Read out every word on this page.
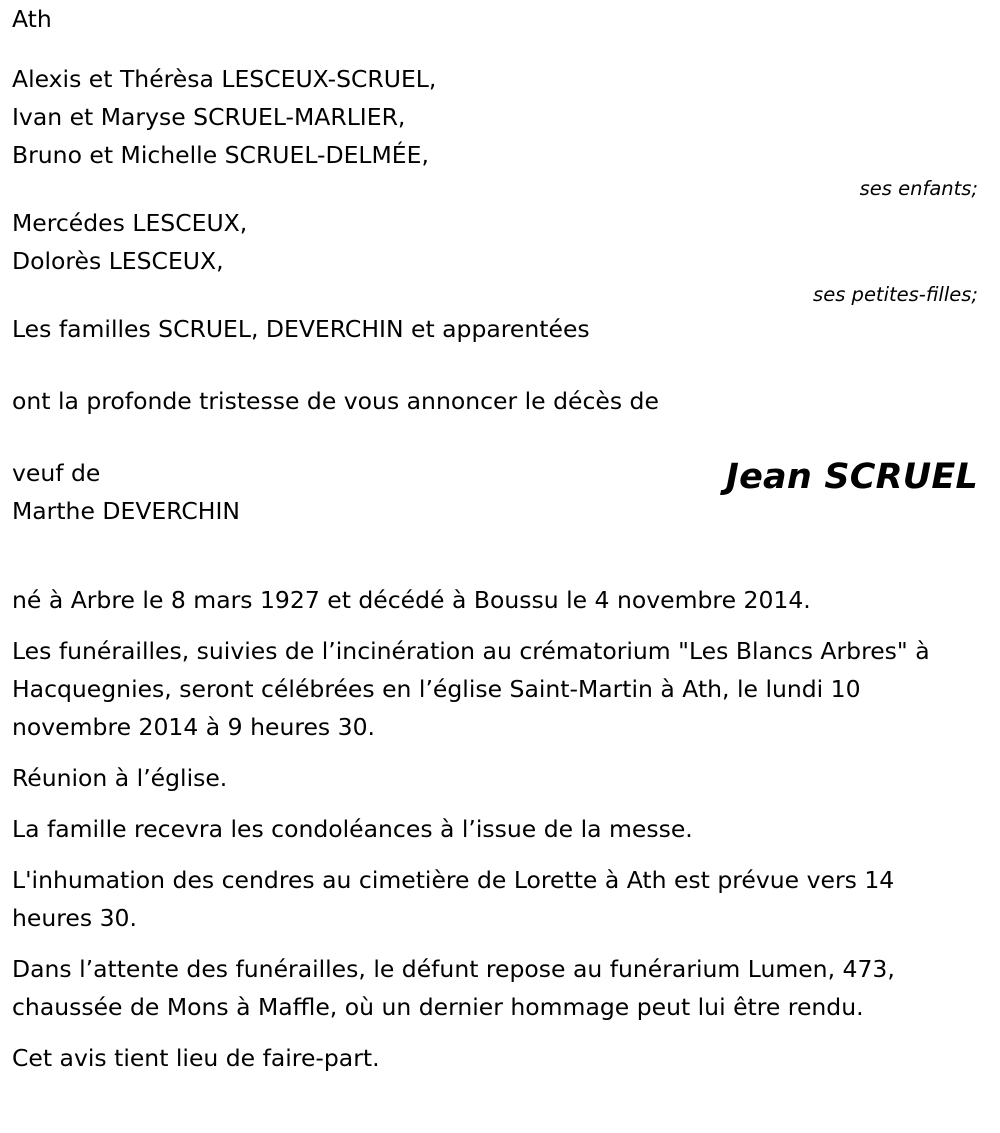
Ath
Alexis et Thérèsa LESCEUX-SCRUEL,
Ivan et Maryse SCRUEL-MARLIER,
Bruno et Michelle SCRUEL-DELMÉE,
ses enfants;
Mercédes LESCEUX,
Dolorès LESCEUX,
ses petites-filles;
Les familles SCRUEL, DEVERCHIN et apparentées
ont la profonde tristesse de vous annoncer le décès de
veuf de
Marthe DEVERCHIN
Jean SCRUEL
né à Arbre le 8 mars 1927 et décédé à Boussu le 4 novembre 2014.
Les funérailles, suivies de l’incinération au crématorium "Les Blancs Arbres" à Hacquegnies, seront célébrées en l’église Saint-Martin à Ath, le lundi 10 novembre 2014 à 9 heures 30.
Réunion à l’église.
La famille recevra les condoléances à l’issue de la messe.
L'inhumation des cendres au cimetière de Lorette à Ath est prévue vers 14 heures 30.
Dans l’attente des funérailles, le défunt repose au funérarium Lumen, 473, chaussée de Mons à Maffle, où un dernier hommage peut lui être rendu.
Cet avis tient lieu de faire-part.
